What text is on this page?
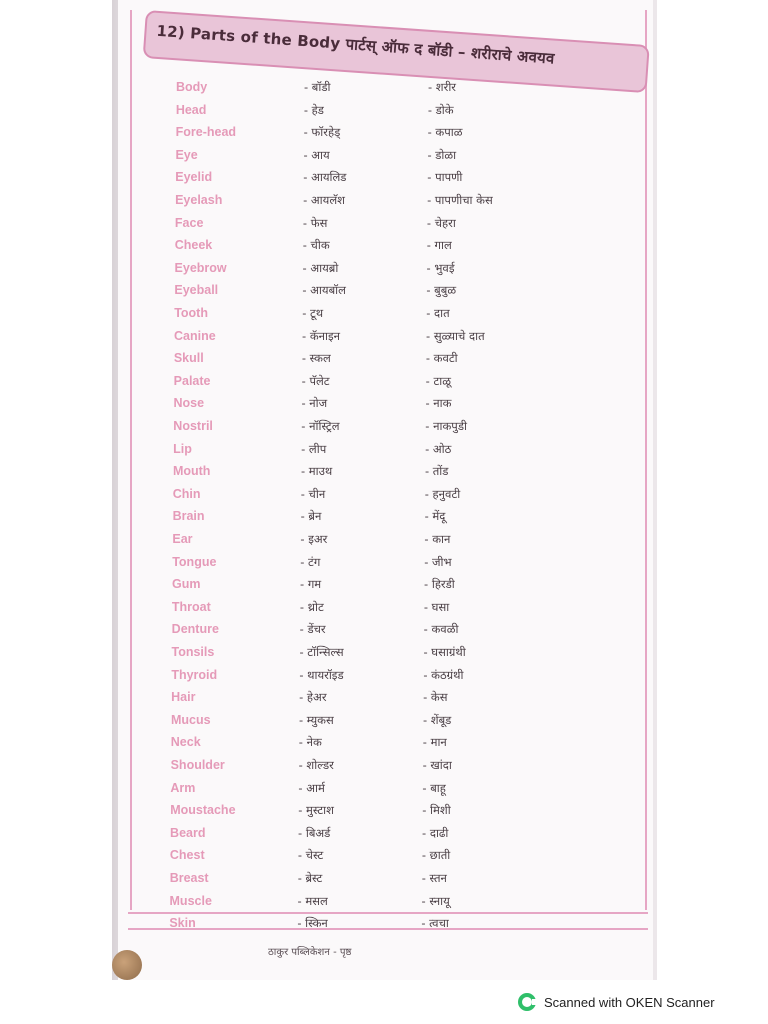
12) Parts of the Body पार्टस् ऑफ द बॉडी – शरीराचे अवयव
Body	- बॉडी	- शरीर
Head	- हेड	- डोके
Fore-head	- फॉरहेड्	- कपाळ
Eye	- आय	- डोळा
Eyelid	- आयलिड	- पापणी
Eyelash	- आयलॅश	- पापणीचा केस
Face	- फेस	- चेहरा
Cheek	- चीक	- गाल
Eyebrow	- आयब्रो	- भुवई
Eyeball	- आयबॉल	- बुबुळ
Tooth	- टूथ	- दात
Canine	- कॅनाइन	- सुळ्याचे दात
Skull	- स्कल	- कवटी
Palate	- पॅलेट	- टाळू
Nose	- नोज	- नाक
Nostril	- नॉस्ट्रिल	- नाकपुडी
Lip	- लीप	- ओठ
Mouth	- माउथ	- तोंड
Chin	- चीन	- हनुवटी
Brain	- ब्रेन	- मेंदू
Ear	- इअर	- कान
Tongue	- टंग	- जीभ
Gum	- गम	- हिरडी
Throat	- थ्रोट	- घसा
Denture	- डेंचर	- कवळी
Tonsils	- टॉन्सिल्स	- घसाग्रंथी
Thyroid	- थायरॉइड	- कंठग्रंथी
Hair	- हेअर	- केस
Mucus	- म्युकस	- शेंबूड
Neck	- नेक	- मान
Shoulder	- शोल्डर	- खांदा
Arm	- आर्म	- बाहू
Moustache	- मुस्टाश	- मिशी
Beard	- बिअर्ड	- दाढी
Chest	- चेस्ट	- छाती
Breast	- ब्रेस्ट	- स्तन
Muscle	- मसल	- स्नायू
Skin	- स्किन	- त्वचा
ठाकुर पब्लिकेशन - पृष्ठ
Scanned with OKEN Scanner
